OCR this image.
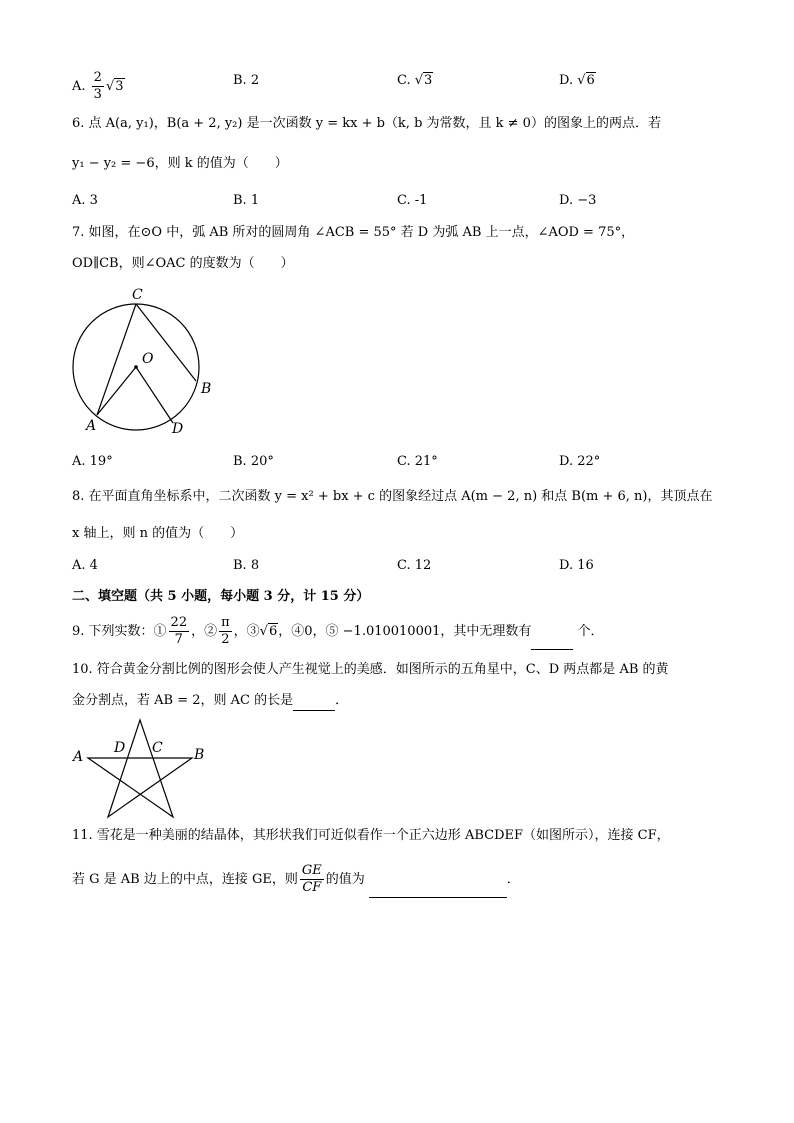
A. $\frac{2}{3} √3$	B. 2	C. √3	D. √6
6. 点 A(a, y₁)，B(a + 2, y₂) 是一次函数 y = kx + b（k, b 为常数，且 k ≠ 0）的图象上的两点．若
y₁ − y₂ = −6，则 k 的值为（　　）
A. 3	B. 1	C. -1	D. −3
7. 如图，在⊙O 中，弧 AB 所对的圆周角 ∠ACB = 55° 若 D 为弧 AB 上一点，∠AOD = 75°，
OD∥CB，则∠OAC 的度数为（　　）
C
O
B
A	D
A. 19°	B. 20°	C. 21°	D. 22°
8. 在平面直角坐标系中，二次函数 y = x² + bx + c 的图象经过点 A(m − 2, n) 和点 B(m + 6, n)，其顶点在
x 轴上，则 n 的值为（　　）
A. 4	B. 8	C. 12	D. 16
二、填空题（共 5 小题，每小题 3 分，计 15 分）
9. 下列实数：① $\frac{22}{7}$ ，② $\frac{\pi}{2}$ ，③√6，④0，⑤ −1.010010001，其中无理数有	个．
10. 符合黄金分割比例的图形会使人产生视觉上的美感．如图所示的五角星中，C、D 两点都是 AB 的黄
金分割点，若 AB = 2，则 AC 的长是	．
A
D C B
11. 雪花是一种美丽的结晶体，其形状我们可近似看作一个正六边形 ABCDEF（如图所示），连接 CF，
若 G 是 AB 边上的中点，连接 GE，则 $\frac{GE}{CF}$ 的值为	．
